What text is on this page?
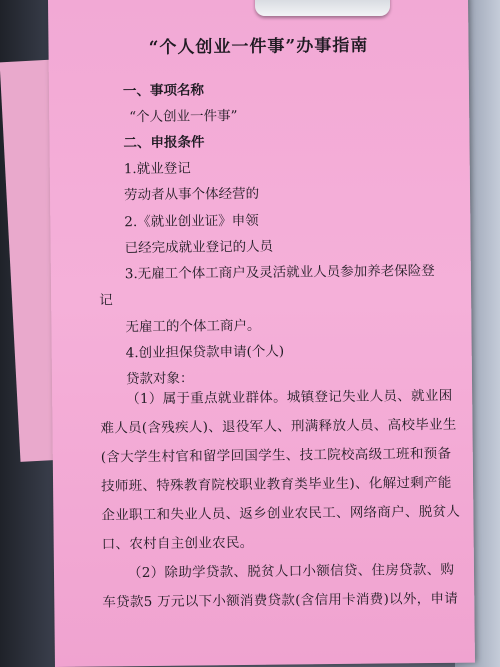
“个人创业一件事”办事指南
一、事项名称
“个人创业一件事”
二、申报条件
1.就业登记
劳动者从事个体经营的
2.《就业创业证》申领
已经完成就业登记的人员
3.无雇工个体工商户及灵活就业人员参加养老保险登
记
无雇工的个体工商户。
4.创业担保贷款申请(个人)
贷款对象：
（1）属于重点就业群体。城镇登记失业人员、就业困
难人员(含残疾人)、退役军人、刑满释放人员、高校毕业生
(含大学生村官和留学回国学生、技工院校高级工班和预备
技师班、特殊教育院校职业教育类毕业生)、化解过剩产能
企业职工和失业人员、返乡创业农民工、网络商户、脱贫人
口、农村自主创业农民。
（2）除助学贷款、脱贫人口小额信贷、住房贷款、购
车贷款5 万元以下小额消费贷款(含信用卡消费)以外，申请
